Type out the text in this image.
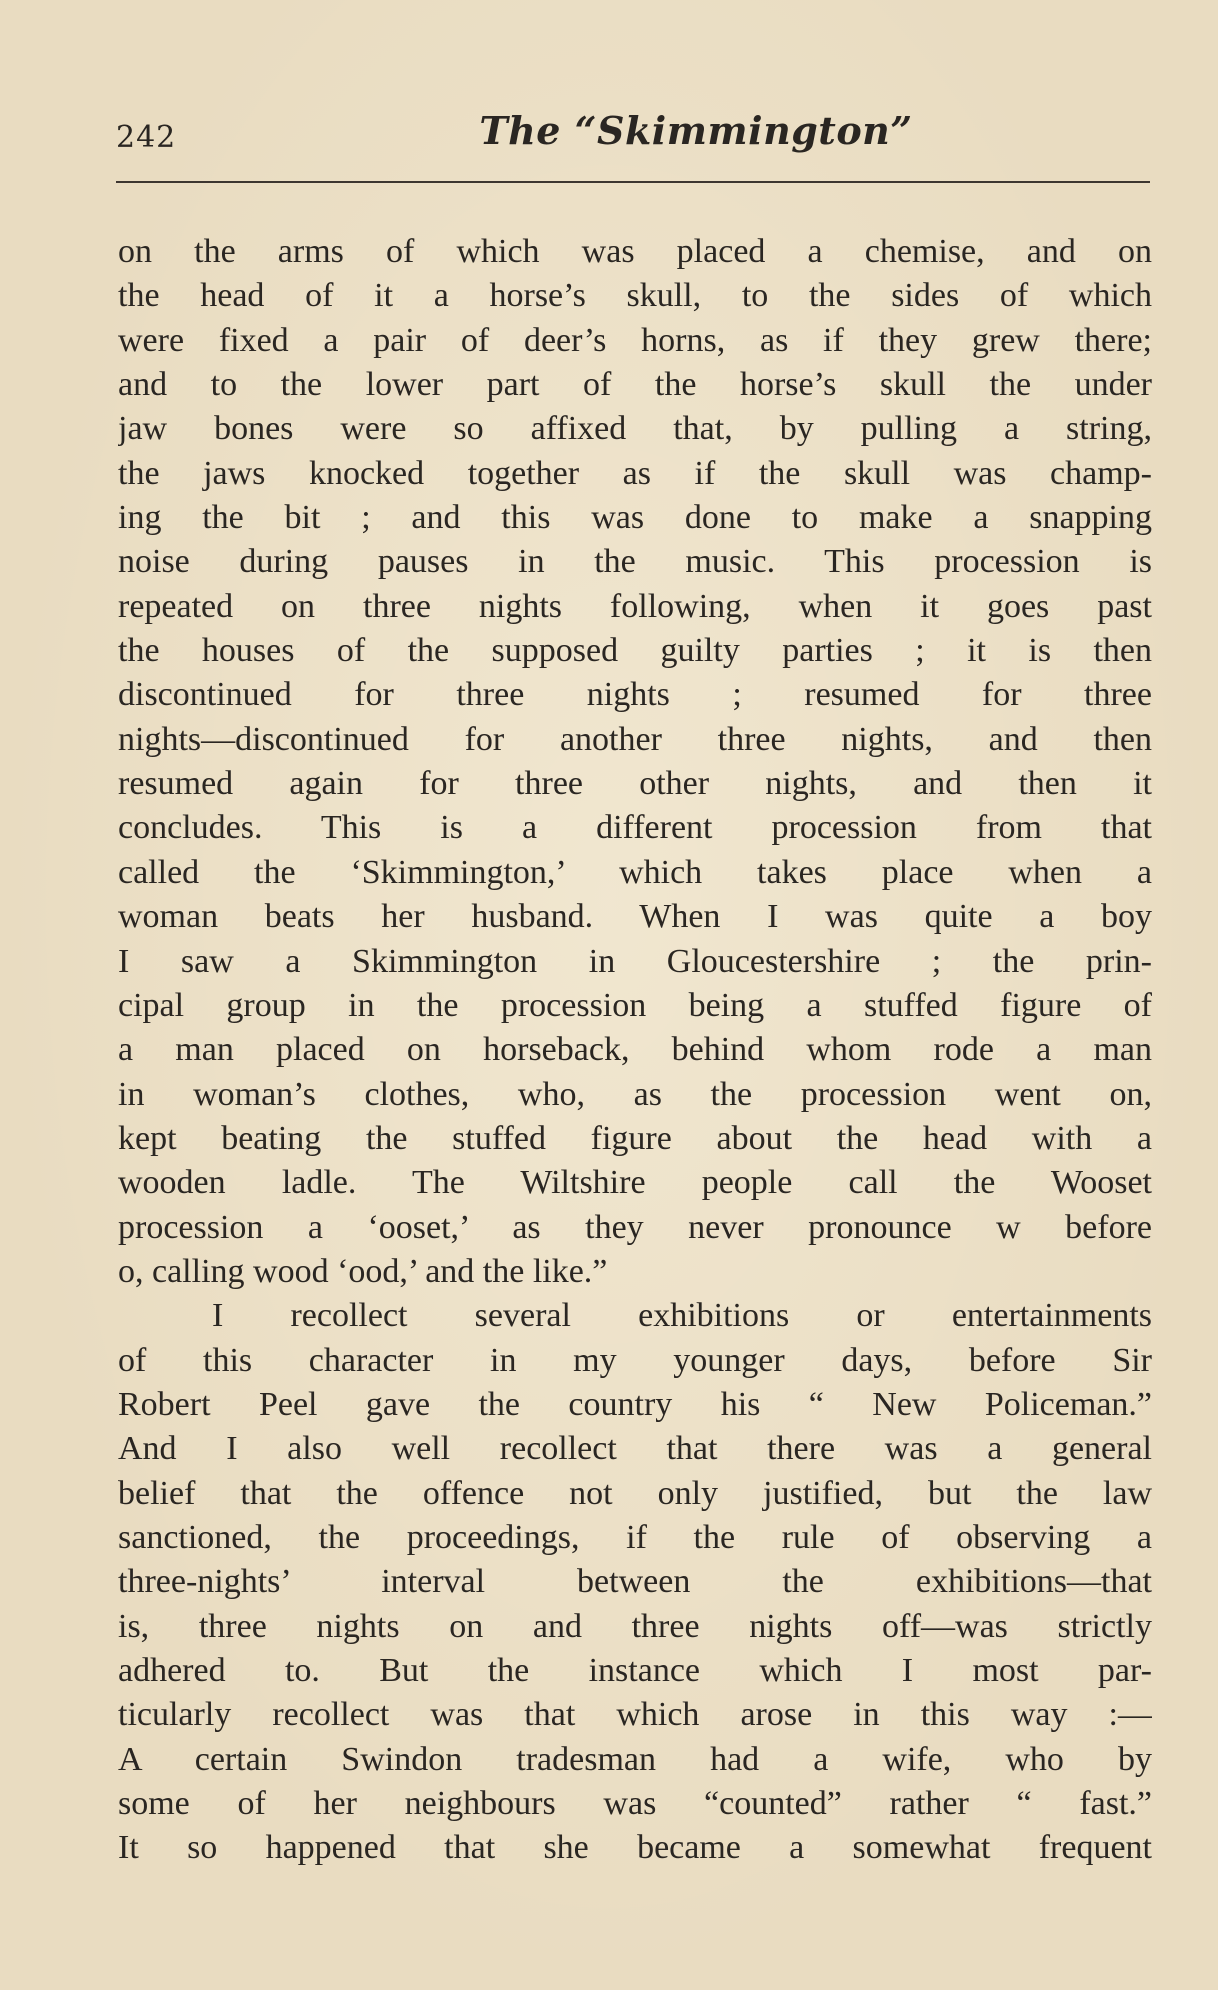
242	The “Skimmington”
on the arms of which was placed a chemise, and on
the head of it a horse’s skull, to the sides of which
were fixed a pair of deer’s horns, as if they grew there;
and to the lower part of the horse’s skull the under
jaw bones were so affixed that, by pulling a string,
the jaws knocked together as if the skull was champ-
ing the bit ; and this was done to make a snapping
noise during pauses in the music. This procession is
repeated on three nights following, when it goes past
the houses of the supposed guilty parties ; it is then
discontinued for three nights ; resumed for three
nights—discontinued for another three nights, and then
resumed again for three other nights, and then it
concludes. This is a different procession from that
called the ‘Skimmington,’ which takes place when a
woman beats her husband. When I was quite a boy
I saw a Skimmington in Gloucestershire ; the prin-
cipal group in the procession being a stuffed figure of
a man placed on horseback, behind whom rode a man
in woman’s clothes, who, as the procession went on,
kept beating the stuffed figure about the head with a
wooden ladle. The Wiltshire people call the Wooset
procession a ‘ooset,’ as they never pronounce w before
o, calling wood ‘ood,’ and the like.”
I recollect several exhibitions or entertainments
of this character in my younger days, before Sir
Robert Peel gave the country his “ New Policeman.”
And I also well recollect that there was a general
belief that the offence not only justified, but the law
sanctioned, the proceedings, if the rule of observing a
three-nights’ interval between the exhibitions—that
is, three nights on and three nights off—was strictly
adhered to. But the instance which I most par-
ticularly recollect was that which arose in this way :—
A certain Swindon tradesman had a wife, who by
some of her neighbours was “counted” rather “ fast.”
It so happened that she became a somewhat frequent
